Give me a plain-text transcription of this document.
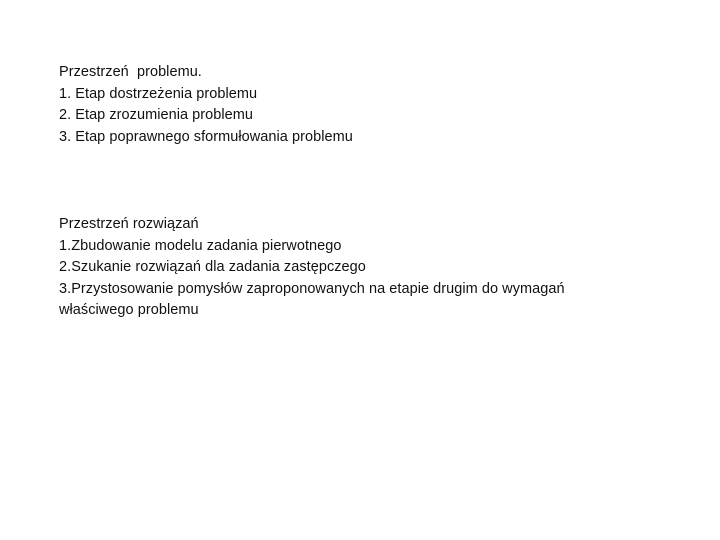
Przestrzeń  problemu.
1. Etap dostrzeżenia problemu
2. Etap zrozumienia problemu
3. Etap poprawnego sformułowania problemu
Przestrzeń rozwiązań
1.Zbudowanie modelu zadania pierwotnego
2.Szukanie rozwiązań dla zadania zastępczego
3.Przystosowanie pomysłów zaproponowanych na etapie drugim do wymagań
właściwego problemu
